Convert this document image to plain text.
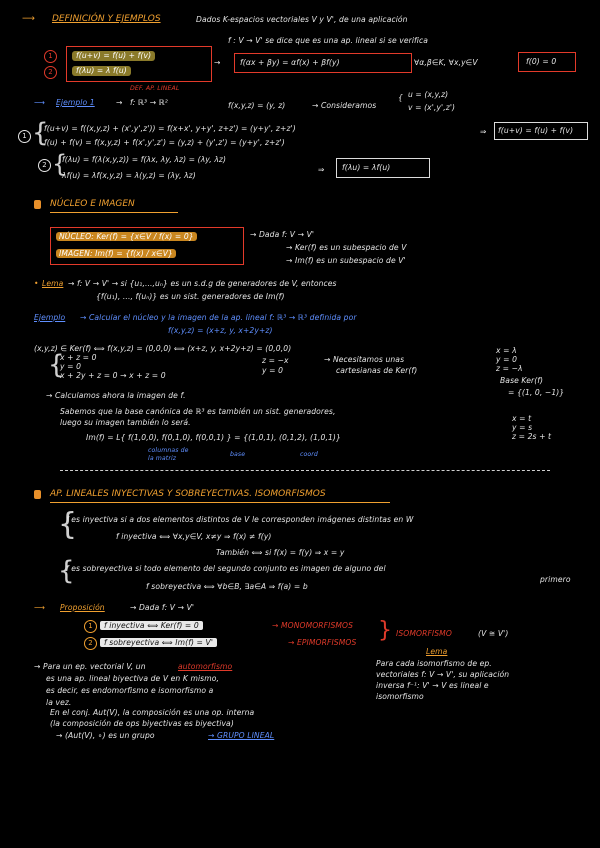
⟶ DEFINICIÓN Y EJEMPLOS	Dados K-espacios vectoriales V y V', de una aplicación
f : V → V' se dice que es una ap. lineal si se verifica
1
2
f(u+v) = f(u) + f(v)
f(λu) = λ f(u)
→	f(αx + βy) = αf(x) + βf(y)	∀α,β∈K, ∀x,y∈V	f(0) = 0
DEF. AP. LINEAL
⟶ Ejemplo 1	→ f: ℝ³ → ℝ²	f(x,y,z) = (y, z)	→ Consideramos
{ u = (x,y,z)
v = (x',y',z')
1 {
f(u+v) = f((x,y,z) + (x',y',z')) = f(x+x', y+y', z+z') = (y+y', z+z')
f(u) + f(v) = f(x,y,z) + f(x',y',z') = (y,z) + (y',z') = (y+y', z+z')
⇒ f(u+v) = f(u) + f(v)
2 {
f(λu) = f(λ(x,y,z)) = f(λx, λy, λz) = (λy, λz)
λf(u) = λf(x,y,z) = λ(y,z) = (λy, λz)
⇒ f(λu) = λf(u)
NÚCLEO E IMAGEN
NÚCLEO: Ker(f) = {x∈V / f(x) = 0}
IMAGEN: Im(f) = {f(x) / x∈V}
→ Dada f: V → V'
→ Ker(f) es un subespacio de V
→ Im(f) es un subespacio de V'
• Lema → f: V → V' → si {u₁,...,uₙ} es un s.d.g de generadores de V, entonces
{f(u₁), ..., f(uₙ)} es un sist. generadores de Im(f)
Ejemplo → Calcular el núcleo y la imagen de la ap. lineal f: ℝ³ → ℝ³ definida por
f(x,y,z) = (x+z, y, x+2y+z)
(x,y,z) ∈ Ker(f) ⟺ f(x,y,z) = (0,0,0) ⟺ (x+z, y, x+2y+z) = (0,0,0)
{
x + z = 0
y = 0
x + 2y + z = 0 → x + z = 0
z = −x
y = 0
→ Necesitamos unas
cartesianas de Ker(f)
x = λ
y = 0
z = −λ
Base Ker(f)
= {(1, 0, −1)}
→ Calculamos ahora la imagen de f.
Sabemos que la base canónica de ℝ³ es también un sist. generadores,
luego su imagen también lo será.
Im(f) = L{ f(1,0,0), f(0,1,0), f(0,0,1) } = {(1,0,1), (0,1,2), (1,0,1)}
columnas de
la matriz
base	coord
x = t
y = s
z = 2s + t
AP. LINEALES INYECTIVAS Y SOBREYECTIVAS. ISOMORFISMOS
{
f es inyectiva si a dos elementos distintos de V le corresponden imágenes distintas en W
f inyectiva ⟺ ∀x,y∈V, x≠y ⇒ f(x) ≠ f(y)
También ⟺ si f(x) = f(y) ⇒ x = y
{
f es sobreyectiva si todo elemento del segundo conjunto es imagen de alguno del
primero
f sobreyectiva ⟺ ∀b∈B, ∃a∈A ⇒ f(a) = b
⟶ Proposición	→ Dada f: V → V'
1
2
f inyectiva ⟺ Ker(f) = 0
f sobreyectiva ⟺ Im(f) = V'
→ MONOMORFISMOS
→ EPIMORFISMOS } ISOMORFISMO	(V ≅ V')
Lema
Para cada isomorfismo de ep.
vectoriales f: V → V', su aplicación
inversa f⁻¹: V' → V es lineal e
isomorfismo
→ Para un ep. vectorial V, un	automorfismo
es una ap. lineal biyectiva de V en K mismo,
es decir, es endomorfismo e isomorfismo a
la vez.
En el conj. Aut(V), la composición es una op. interna
(la composición de ops biyectivas es biyectiva)
→ (Aut(V), ∘) es un grupo	→ GRUPO LINEAL
